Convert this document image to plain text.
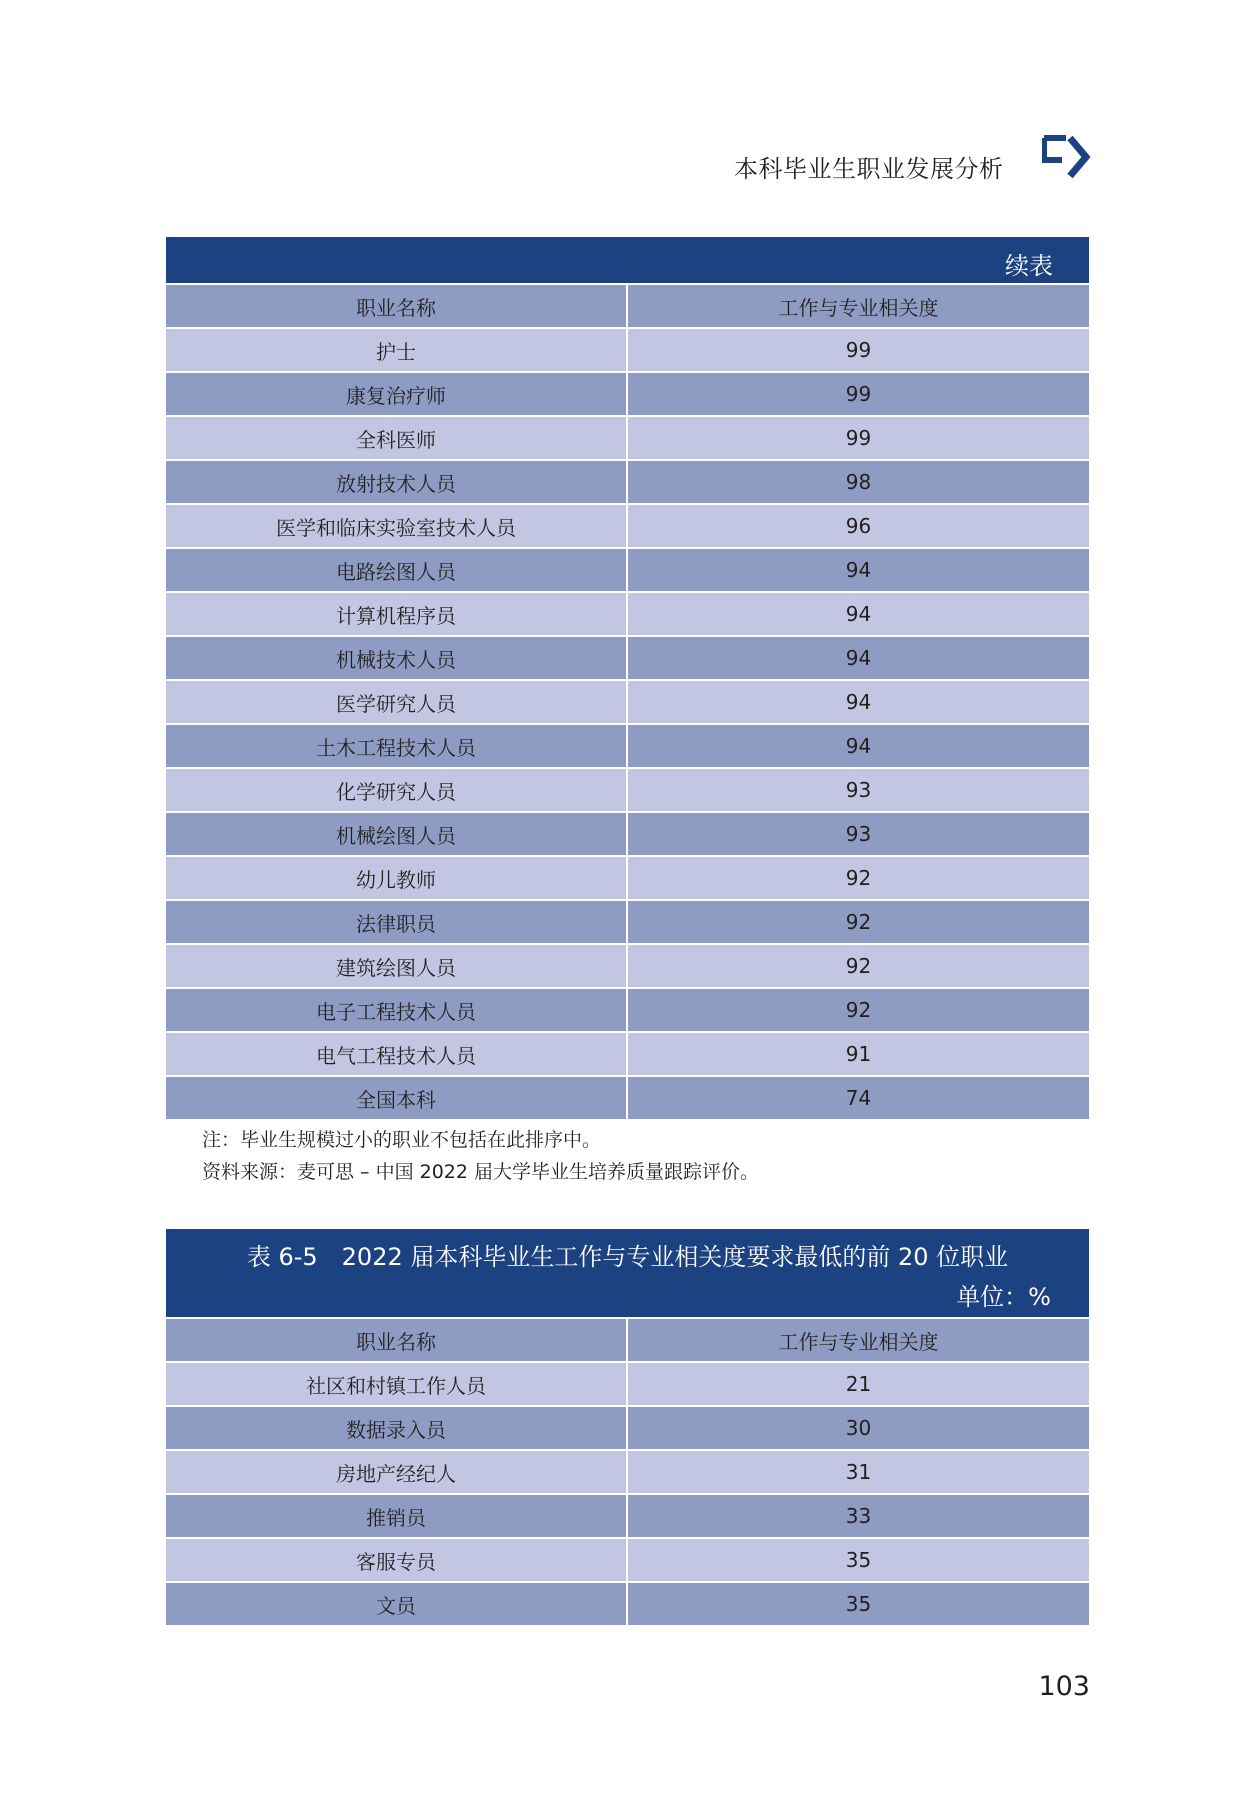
本科毕业生职业发展分析
续表
职业名称	工作与专业相关度
护士	99
康复治疗师	99
全科医师	99
放射技术人员	98
医学和临床实验室技术人员	96
电路绘图人员	94
计算机程序员	94
机械技术人员	94
医学研究人员	94
土木工程技术人员	94
化学研究人员	93
机械绘图人员	93
幼儿教师	92
法律职员	92
建筑绘图人员	92
电子工程技术人员	92
电气工程技术人员	91
全国本科	74
注：毕业生规模过小的职业不包括在此排序中。
资料来源：麦可思 – 中国 2022 届大学毕业生培养质量跟踪评价。
表 6-5　2022 届本科毕业生工作与专业相关度要求最低的前 20 位职业
单位：%
职业名称	工作与专业相关度
社区和村镇工作人员	21
数据录入员	30
房地产经纪人	31
推销员	33
客服专员	35
文员	35
103
